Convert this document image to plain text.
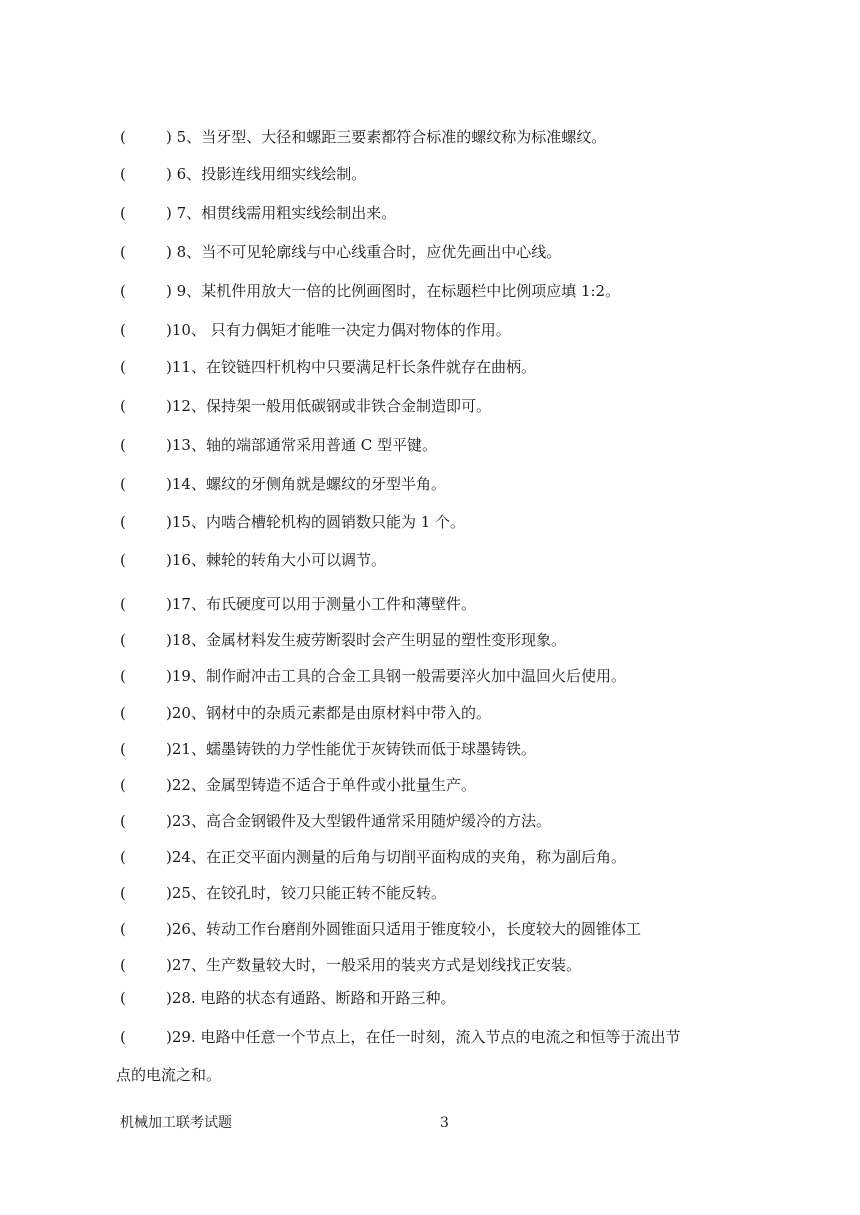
(	) 5、当牙型、大径和螺距三要素都符合标准的螺纹称为标准螺纹。
(	) 6、投影连线用细实线绘制。
(	) 7、相贯线需用粗实线绘制出来。
(	) 8、当不可见轮廓线与中心线重合时，应优先画出中心线。
(	) 9、某机件用放大一倍的比例画图时，在标题栏中比例项应填 1:2。
(	)10、 只有力偶矩才能唯一决定力偶对物体的作用。
(	)11、在铰链四杆机构中只要满足杆长条件就存在曲柄。
(	)12、保持架一般用低碳钢或非铁合金制造即可。
(	)13、轴的端部通常采用普通 C 型平键。
(	)14、螺纹的牙侧角就是螺纹的牙型半角。
(	)15、内啮合槽轮机构的圆销数只能为 1 个。
(	)16、棘轮的转角大小可以调节。
(	)17、布氏硬度可以用于测量小工件和薄壁件。
(	)18、金属材料发生疲劳断裂时会产生明显的塑性变形现象。
(	)19、制作耐冲击工具的合金工具钢一般需要淬火加中温回火后使用。
(	)20、钢材中的杂质元素都是由原材料中带入的。
(	)21、蠕墨铸铁的力学性能优于灰铸铁而低于球墨铸铁。
(	)22、金属型铸造不适合于单件或小批量生产。
(	)23、高合金钢锻件及大型锻件通常采用随炉缓冷的方法。
(	)24、在正交平面内测量的后角与切削平面构成的夹角，称为副后角。
(	)25、在铰孔时，铰刀只能正转不能反转。
(	)26、转动工作台磨削外圆锥面只适用于锥度较小，长度较大的圆锥体工
(	)27、生产数量较大时，一般采用的装夹方式是划线找正安装。
(	)28. 电路的状态有通路、断路和开路三种。
(	)29. 电路中任意一个节点上，在任一时刻，流入节点的电流之和恒等于流出节
点的电流之和。
机械加工联考试题	3
